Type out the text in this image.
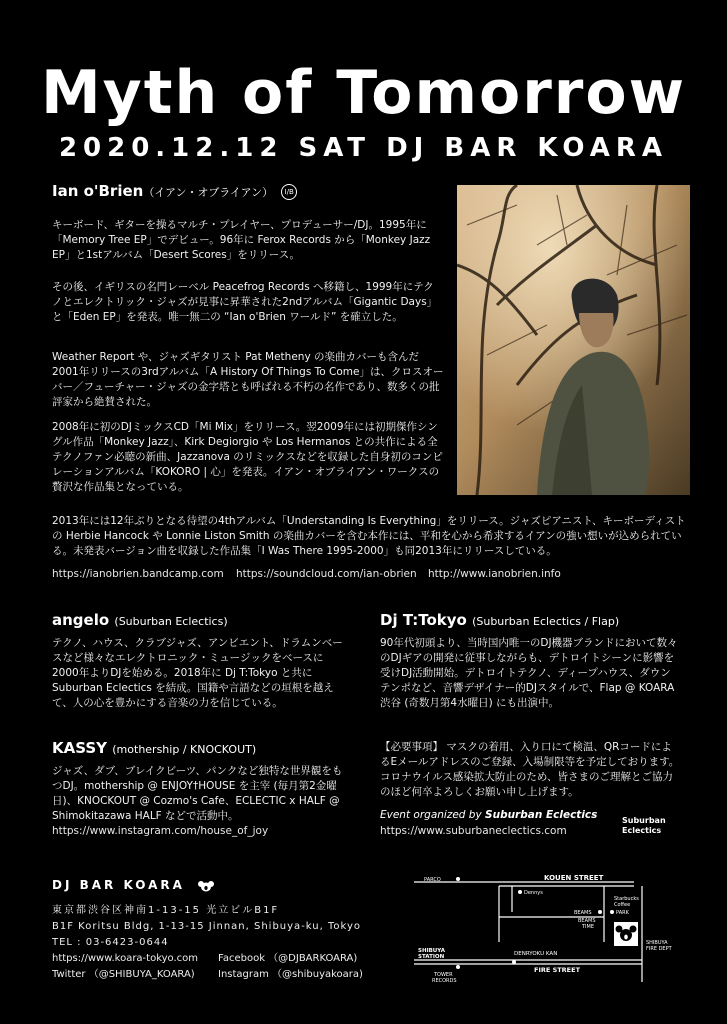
Myth of Tomorrow
2020.12.12 SAT DJ BAR KOARA
Ian o'Brien（イアン・オブライアン） I/B
キーボード、ギターを操るマルチ・プレイヤー、プロデューサー/DJ。1995年に「Memory Tree EP」でデビュー。96年に Ferox Records から「Monkey Jazz EP」と1stアルバム「Desert Scores」をリリース。
その後、イギリスの名門レーベル Peacefrog Records へ移籍し、1999年にテクノとエレクトリック・ジャズが見事に昇華された2ndアルバム「Gigantic Days」と「Eden EP」を発表。唯一無二の “Ian o'Brien ワールド” を確立した。
Weather Report や、ジャズギタリスト Pat Metheny の楽曲カバーも含んだ2001年リリースの3rdアルバム「A History Of Things To Come」は、クロスオーバー／フューチャー・ジャズの金字塔とも呼ばれる不朽の名作であり、数多くの批評家から絶賛された。
2008年に初のDJミックスCD「Mi Mix」をリリース。翌2009年には初期傑作シングル作品「Monkey Jazz」、Kirk Degiorgio や Los Hermanos との共作による全テクノファン必聴の新曲、Jazzanova のリミックスなどを収録した自身初のコンピレーションアルバム「KOKORO | 心」を発表。イアン・オブライアン・ワークスの贅沢な作品集となっている。
2013年には12年ぶりとなる待望の4thアルバム「Understanding Is Everything」をリリース。ジャズピアニスト、キーボーディストの Herbie Hancock や Lonnie Liston Smith の楽曲カバーを含む本作には、平和を心から希求するイアンの強い想いが込められている。未発表バージョン曲を収録した作品集「I Was There 1995-2000」も同2013年にリリースしている。
https://ianobrien.bandcamp.com https://soundcloud.com/ian-obrien http://www.ianobrien.info
angelo (Suburban Eclectics)
テクノ、ハウス、クラブジャズ、アンビエント、ドラムンベースなど様々なエレクトロニック・ミュージックをベースに 2000年よりDJを始める。2018年に Dj T:Tokyo と共に Suburban Eclectics を結成。国籍や言語などの垣根を越えて、人の心を豊かにする音楽の力を信じている。
Dj T:Tokyo (Suburban Eclectics / Flap)
90年代初頭より、当時国内唯一のDJ機器ブランドにおいて数々のDJギアの開発に従事しながらも、デトロイトシーンに影響を受けDJ活動開始。デトロイトテクノ、ディープハウス、ダウンテンポなど、音響デザイナー的DJスタイルで、Flap @ KOARA 渋谷 (奇数月第4水曜日) にも出演中。
KASSY (mothership / KNOCKOUT)
ジャズ、ダブ、ブレイクビーツ、パンクなど独特な世界観をもつDJ。mothership @ ENJOY†HOUSE を主宰 (毎月第2金曜日)、KNOCKOUT @ Cozmo's Cafe、ECLECTIC x HALF @ Shimokitazawa HALF などで活動中。
https://www.instagram.com/house_of_joy
【必要事項】 マスクの着用、入り口にて検温、QRコードによるEメールアドレスのご登録、入場制限等を予定しております。コロナウイルス感染拡大防止のため、皆さまのご理解とご協力のほど何卒よろしくお願い申し上げます。
Event organized by Suburban Eclectics
https://www.suburbaneclectics.com
Suburban
Eclectics
DJ BAR KOARA
東京都渋谷区神南1-13-15 光立ビルB1F
B1F Koritsu Bldg, 1-13-15 Jinnan, Shibuya-ku, Tokyo
TEL : 03-6423-0644
https://www.koara-tokyo.com Facebook （@DJBARKOARA)
Twitter （@SHIBUYA_KOARA) Instagram （@shibuyakoara)
KOUEN STREET
PARCO
Dennys
Starbucks
Coffee
PARK
BEAMS
BEAMS
TIME
SHIBUYA
STATION	DENRYOKU KAN
SHIBUYA
FIRE DEPT
TOWER
RECORDS
FIRE STREET
